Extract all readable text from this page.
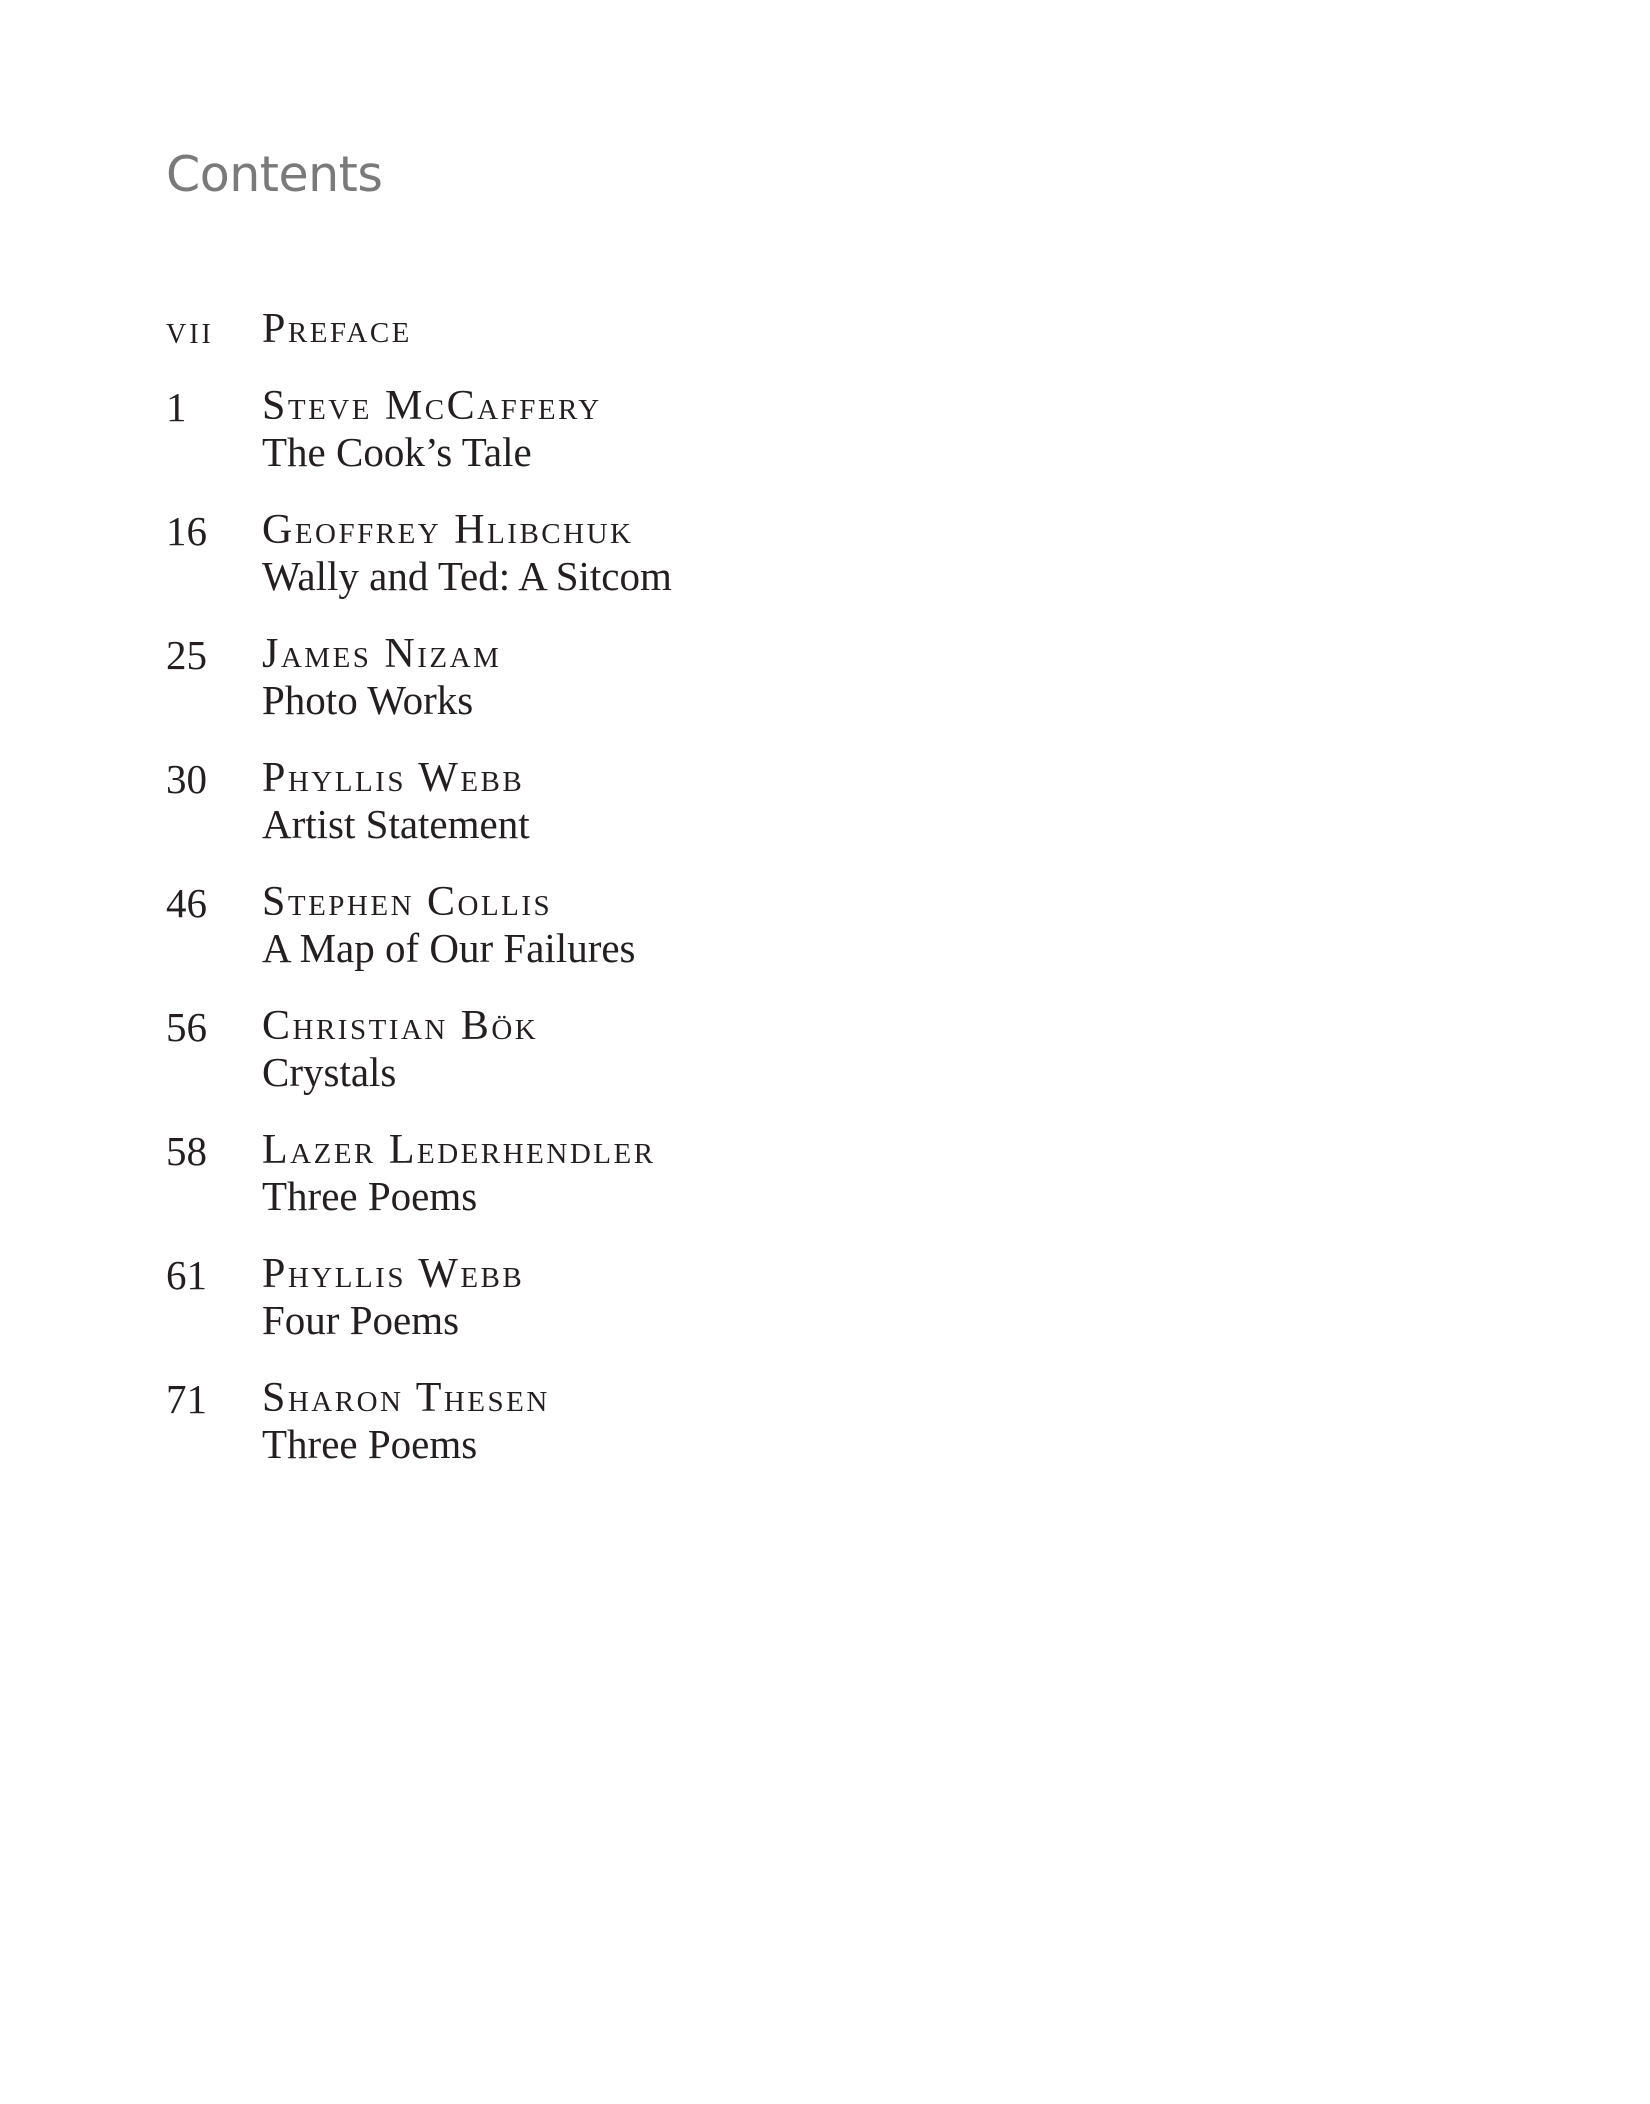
Contents
vii Preface
1 Steve McCaffery
The Cook’s Tale
16 Geoffrey Hlibchuk
Wally and Ted: A Sitcom
25 James Nizam
Photo Works
30 Phyllis Webb
Artist Statement
46 Stephen Collis
A Map of Our Failures
56 Christian Bök
Crystals
58 Lazer Lederhendler
Three Poems
61 Phyllis Webb
Four Poems
71 Sharon Thesen
Three Poems
